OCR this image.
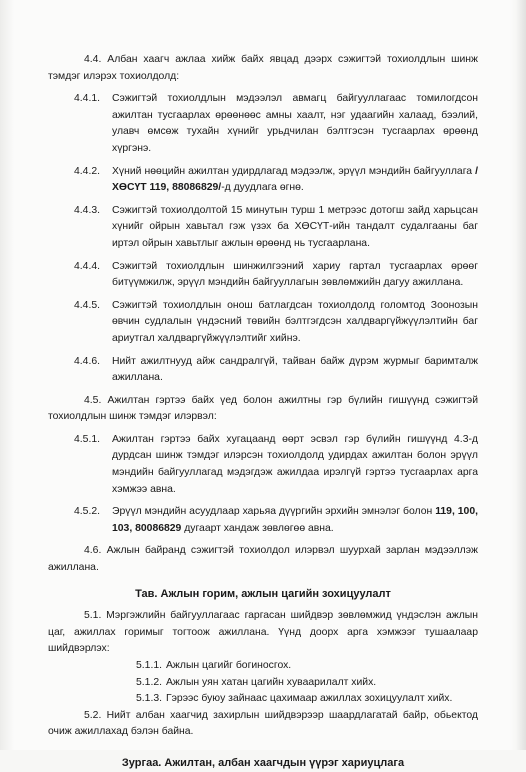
4.4. Албан хаагч ажлаа хийж байх явцад дээрх сэжигтэй тохиолдлын шинж тэмдэг илэрэх тохиолдолд:

4.4.1. Сэжигтэй тохиолдлын мэдээлэл авмагц байгууллагаас томилогдсон ажилтан тусгаарлах өрөөнөөс амны хаалт, нэг удаагийн халаад, бээлий, улавч өмсөж тухайн хүнийг урьдчилан бэлтгэсэн тусгаарлах өрөөнд хүргэнэ.

4.4.2. Хүний нөөцийн ажилтан удирдлагад мэдээлж, эрүүл мэндийн байгууллага /ХӨСҮТ 119, 88086829/-д дуудлага өгнө.

4.4.3. Сэжигтэй тохиолдолтой 15 минутын турш 1 метрээс дотогш зайд харьцсан хүнийг ойрын хавьтал гэж үзэх ба ХӨСҮТ-ийн тандалт судалгааны баг иртэл ойрын хавьтлыг ажлын өрөөнд нь тусгаарлана.

4.4.4. Сэжигтэй тохиолдлын шинжилгээний хариу гартал тусгаарлах өрөөг битүүмжилж, эрүүл мэндийн байгууллагын зөвлөмжийн дагуу ажиллана.

4.4.5. Сэжигтэй тохиолдлын онош батлагдсан тохиолдолд голомтод Зоонозын өвчин судлалын үндэсний төвийн бэлтгэгдсэн халдваргүйжүүлэлтийн баг ариутгал халдваргүйжүүлэлтийг хийнэ.

4.4.6. Нийт ажилтнууд айж сандралгүй, тайван байж дүрэм журмыг баримталж ажиллана.

4.5. Ажилтан гэртээ байх үед болон ажилтны гэр бүлийн гишүүнд сэжигтэй тохиолдлын шинж тэмдэг илэрвэл:

4.5.1. Ажилтан гэртээ байх хугацаанд өөрт эсвэл гэр бүлийн гишүүнд 4.3-д дурдсан шинж тэмдэг илэрсэн тохиолдолд удирдах ажилтан болон эрүүл мэндийн байгууллагад мэдэгдэж ажилдаа ирэлгүй гэртээ тусгаарлах арга хэмжээ авна.

4.5.2. Эрүүл мэндийн асуудлаар харьяа дүүргийн эрхийн эмнэлэг болон 119, 100, 103, 80086829 дугаарт хандаж зөвлөгөө авна.

4.6. Ажлын байранд сэжигтэй тохиолдол илэрвэл шуурхай зарлан мэдээллэж ажиллана.

Тав. Ажлын горим, ажлын цагийн зохицуулалт

5.1. Мэргэжлийн байгууллагаас гаргасан шийдвэр зөвлөмжид үндэслэн ажлын цаг, ажиллах горимыг тогтоож ажиллана. Үүнд доорх арга хэмжээг тушаалаар шийдвэрлэх:

5.1.1. Ажлын цагийг богиносгох.
5.1.2. Ажлын уян хатан цагийн хуваарилалт хийх.
5.1.3. Гэрээс буюу зайнаас цахимаар ажиллах зохицуулалт хийх.

5.2. Нийт албан хаагчид захирлын шийдвэрээр шаардлагатай байр, обьектод очиж ажиллахад бэлэн байна.

Зургаа. Ажилтан, албан хаагчдын үүрэг хариуцлага
